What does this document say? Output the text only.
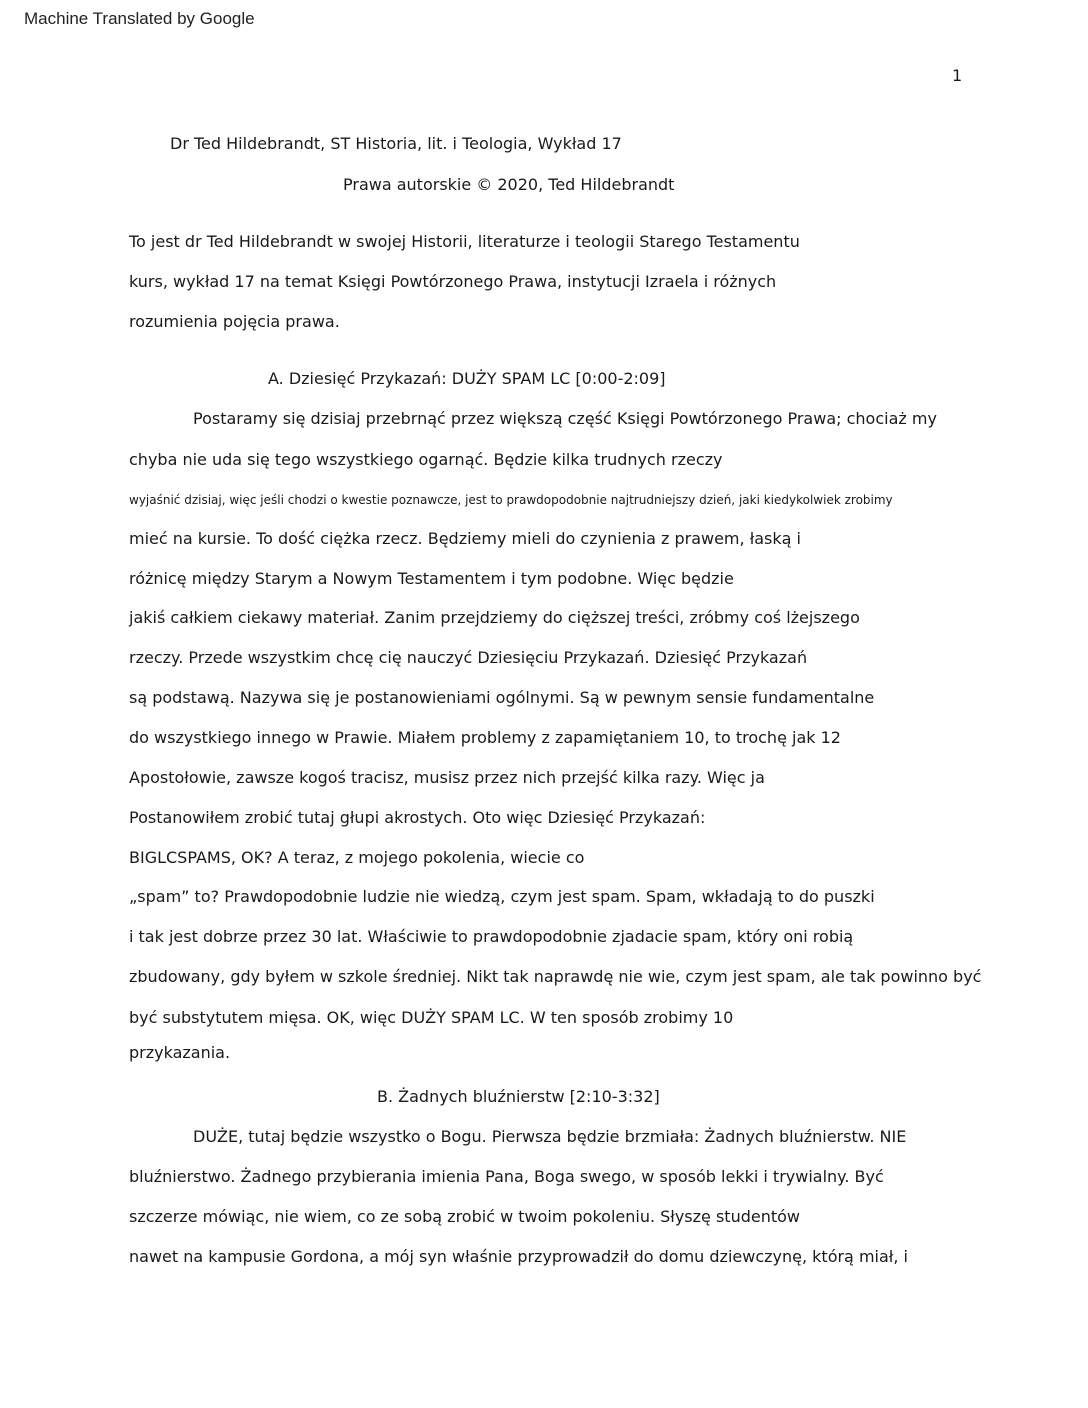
Machine Translated by Google
1
Dr Ted Hildebrandt, ST Historia, lit. i Teologia, Wykład 17
Prawa autorskie © 2020, Ted Hildebrandt
To jest dr Ted Hildebrandt w swojej Historii, literaturze i teologii Starego Testamentu
kurs, wykład 17 na temat Księgi Powtórzonego Prawa, instytucji Izraela i różnych
rozumienia pojęcia prawa.
A. Dziesięć Przykazań: DUŻY SPAM LC [0:00-2:09]
Postaramy się dzisiaj przebrnąć przez większą część Księgi Powtórzonego Prawa; chociaż my
chyba nie uda się tego wszystkiego ogarnąć. Będzie kilka trudnych rzeczy
wyjaśnić dzisiaj, więc jeśli chodzi o kwestie poznawcze, jest to prawdopodobnie najtrudniejszy dzień, jaki kiedykolwiek zrobimy
mieć na kursie. To dość ciężka rzecz. Będziemy mieli do czynienia z prawem, łaską i
różnicę między Starym a Nowym Testamentem i tym podobne. Więc będzie
jakiś całkiem ciekawy materiał. Zanim przejdziemy do cięższej treści, zróbmy coś lżejszego
rzeczy. Przede wszystkim chcę cię nauczyć Dziesięciu Przykazań. Dziesięć Przykazań
są podstawą. Nazywa się je postanowieniami ogólnymi. Są w pewnym sensie fundamentalne
do wszystkiego innego w Prawie. Miałem problemy z zapamiętaniem 10, to trochę jak 12
Apostołowie, zawsze kogoś tracisz, musisz przez nich przejść kilka razy. Więc ja
Postanowiłem zrobić tutaj głupi akrostych. Oto więc Dziesięć Przykazań:
BIGLCSPAMS, OK? A teraz, z mojego pokolenia, wiecie co
„spam” to? Prawdopodobnie ludzie nie wiedzą, czym jest spam. Spam, wkładają to do puszki
i tak jest dobrze przez 30 lat. Właściwie to prawdopodobnie zjadacie spam, który oni robią
zbudowany, gdy byłem w szkole średniej. Nikt tak naprawdę nie wie, czym jest spam, ale tak powinno być
być substytutem mięsa. OK, więc DUŻY SPAM LC. W ten sposób zrobimy 10
przykazania.
B. Żadnych bluźnierstw [2:10-3:32]
DUŻE, tutaj będzie wszystko o Bogu. Pierwsza będzie brzmiała: Żadnych bluźnierstw. NIE
bluźnierstwo. Żadnego przybierania imienia Pana, Boga swego, w sposób lekki i trywialny. Być
szczerze mówiąc, nie wiem, co ze sobą zrobić w twoim pokoleniu. Słyszę studentów
nawet na kampusie Gordona, a mój syn właśnie przyprowadził do domu dziewczynę, którą miał, i
